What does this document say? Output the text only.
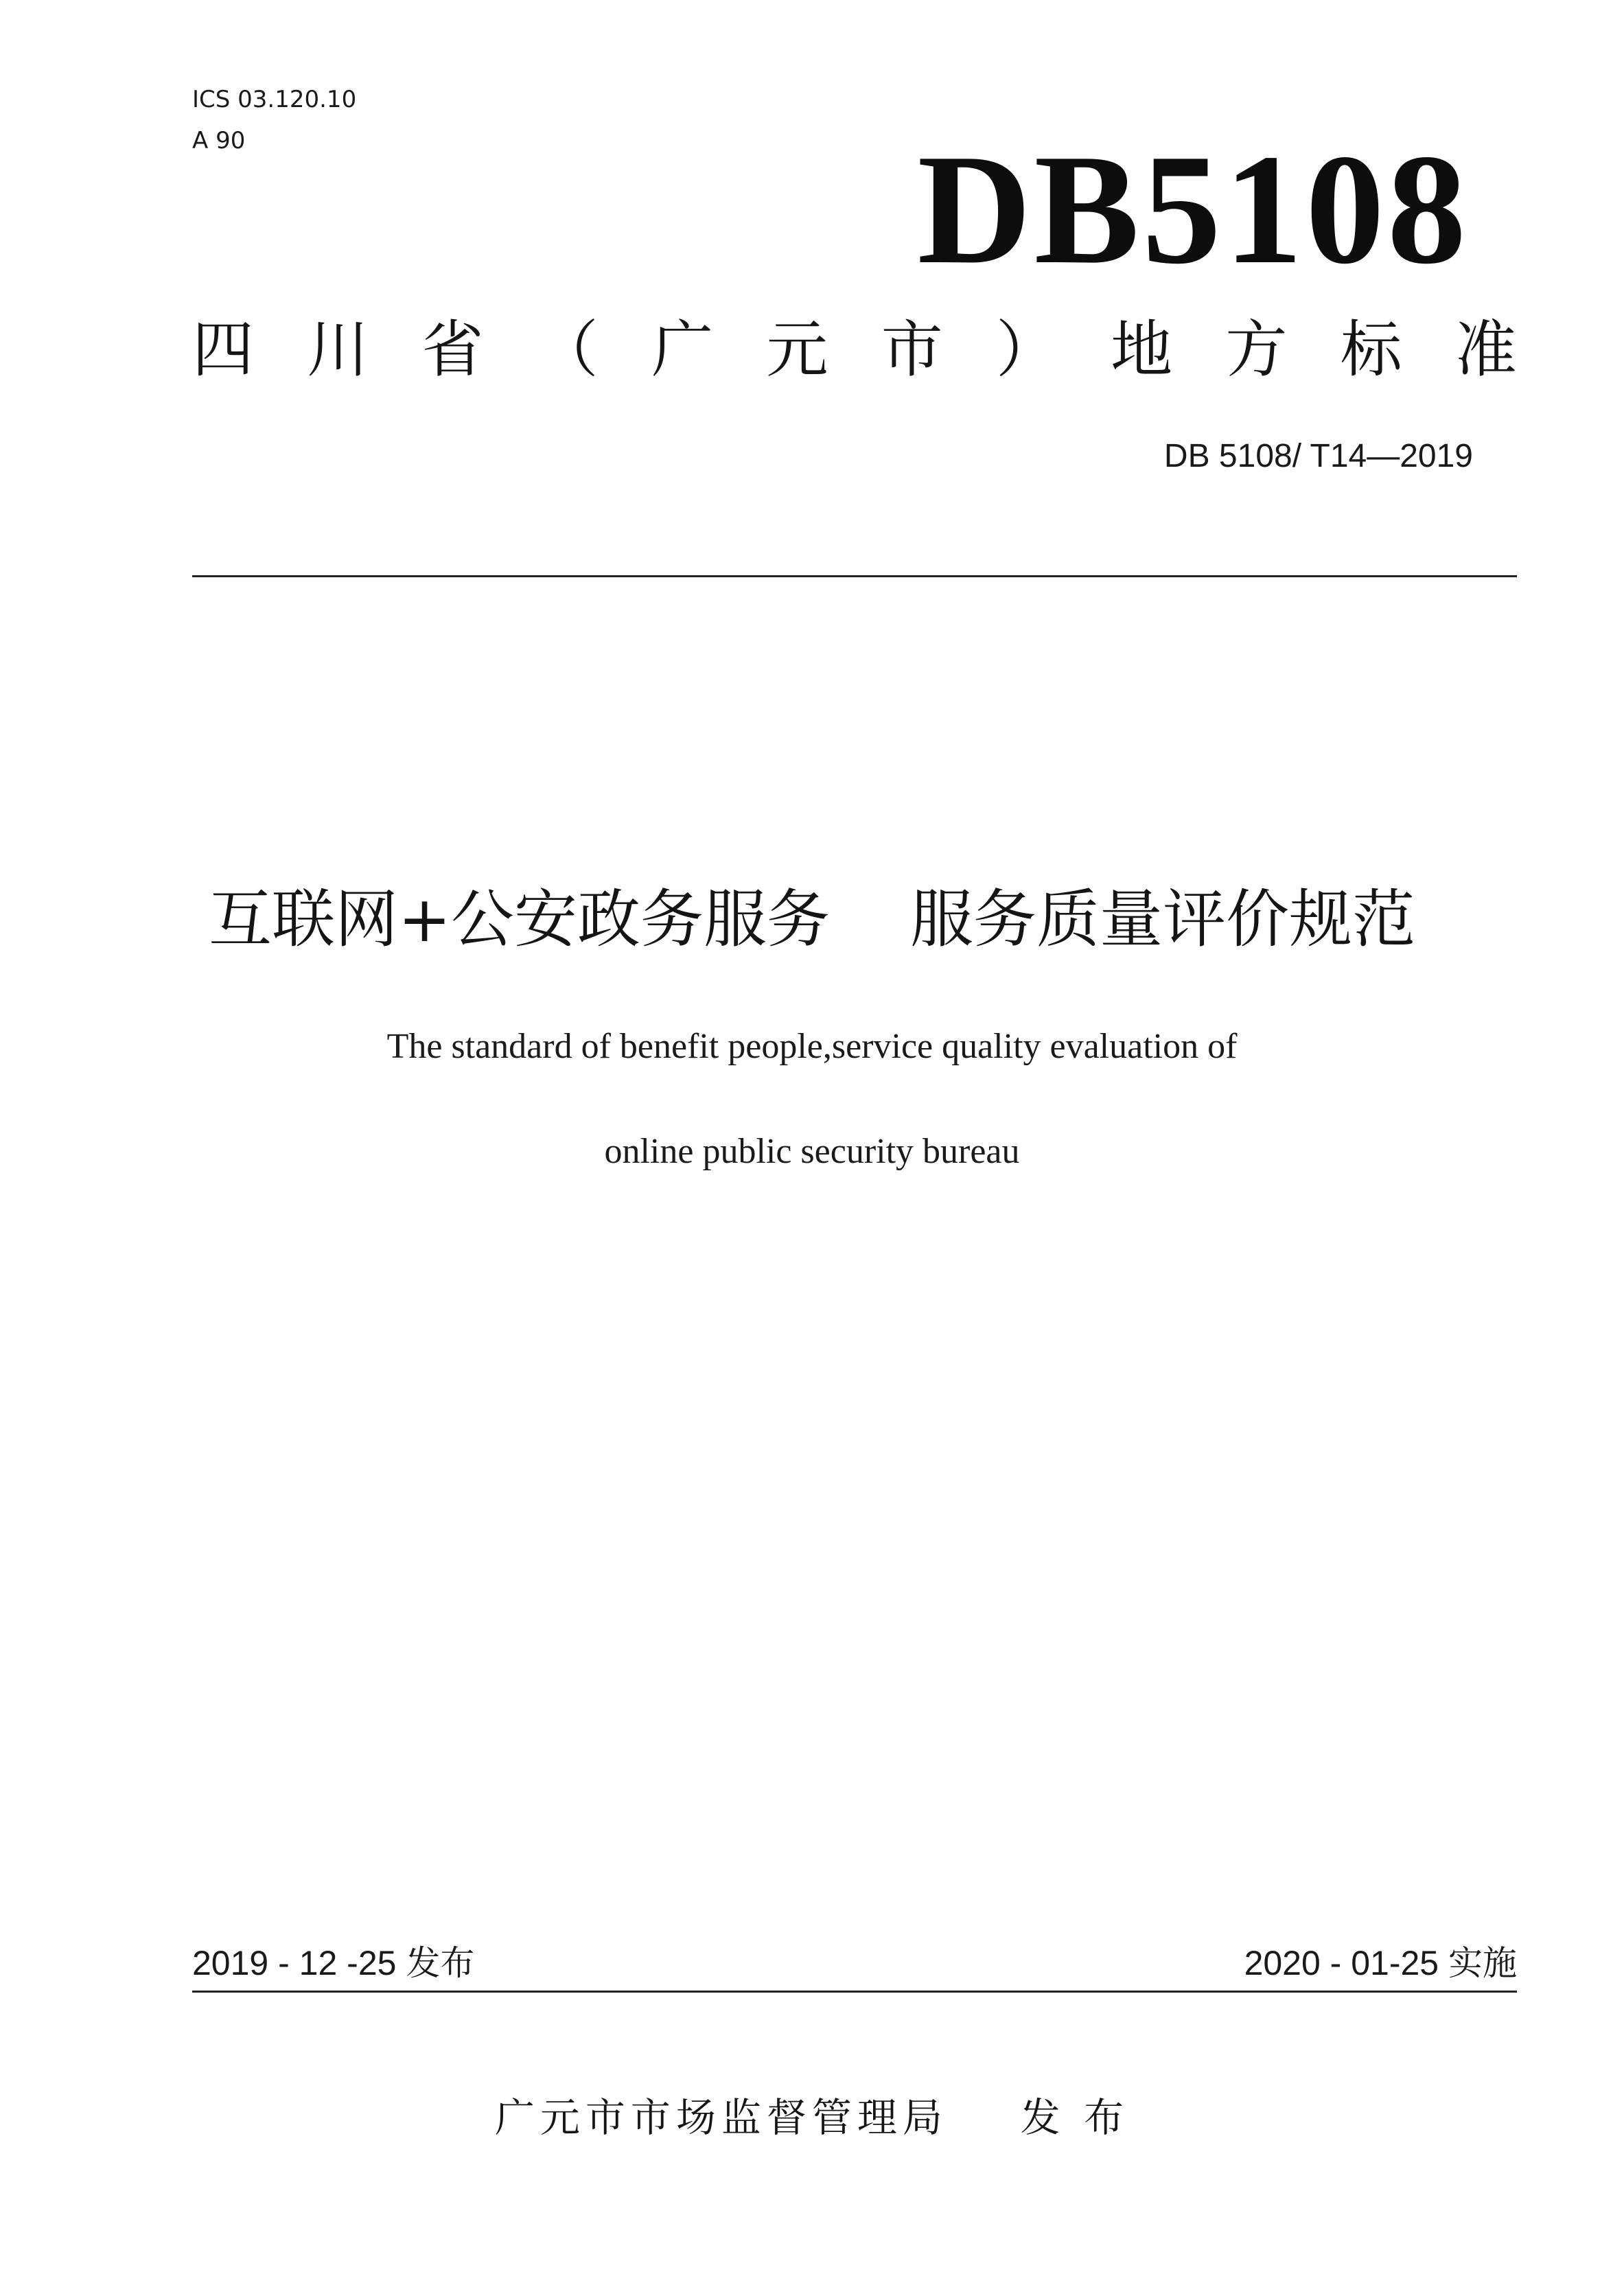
ICS 03.120.10
A 90	DB5108
四 川 省 （ 广 元 市 ） 地 方 标 准
DB 5108/ T14—2019
互联网+公安政务服务    服务质量评价规范
The standard of benefit people,service quality evaluation of
online public security bureau
2019 - 12 -25 发布	2020 - 01-25 实施
广元市市场监督管理局    发 布
